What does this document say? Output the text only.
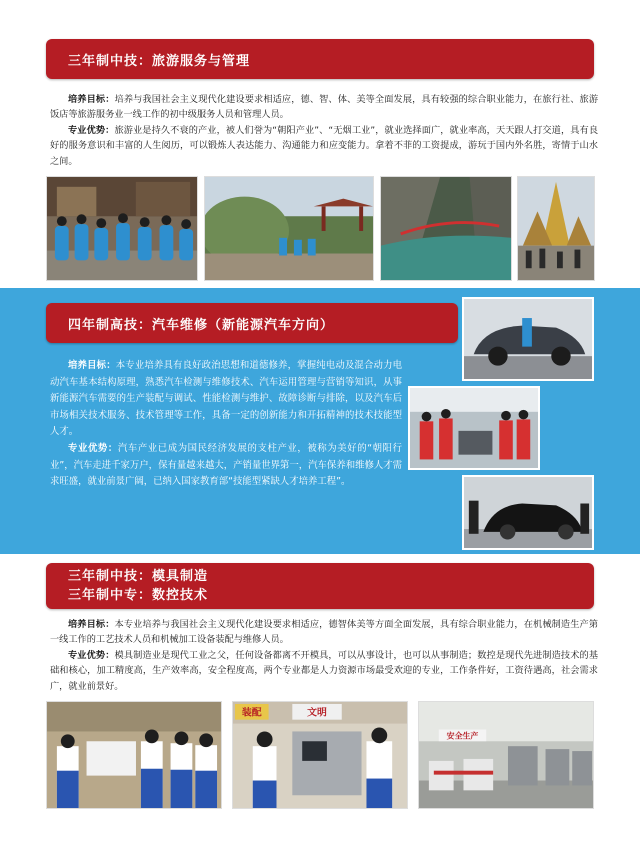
三年制中技：旅游服务与管理

培养目标：培养与我国社会主义现代化建设要求相适应，德、智、体、美等全面发展，具有较强的综合职业能力，在旅行社、旅游饭店等旅游服务业一线工作的初中级服务人员和管理人员。

专业优势：旅游业是持久不衰的产业，被人们誉为“朝阳产业”、“无烟工业”，就业选择面广，就业率高，天天跟人打交道，具有良好的服务意识和丰富的人生阅历，可以锻炼人表达能力、沟通能力和应变能力。拿着不菲的工资提成，游玩于国内外名胜，寄情于山水之间。

四年制高技：汽车维修（新能源汽车方向）

培养目标：本专业培养具有良好政治思想和道德修养，掌握纯电动及混合动力电动汽车基本结构原理，熟悉汽车检测与维修技术、汽车运用管理与营销等知识，从事新能源汽车需要的生产装配与调试、性能检测与维护、故障诊断与排除，以及汽车后市场相关技术服务、技术管理等工作，具备一定的创新能力和开拓精神的技术技能型人才。

专业优势：汽车产业已成为国民经济发展的支柱产业，被称为美好的“朝阳行业”，汽车走进千家万户，保有量越来越大，产销量世界第一，汽车保养和维修人才需求旺盛，就业前景广阔，已纳入国家教育部“技能型紧缺人才培养工程”。

三年制中技：模具制造
三年制中专：数控技术

培养目标：本专业培养与我国社会主义现代化建设要求相适应，德智体美等方面全面发展，具有综合职业能力，在机械制造生产第一线工作的工艺技术人员和机械加工设备装配与维修人员。

专业优势：模具制造业是现代工业之父，任何设备都离不开模具，可以从事设计，也可以从事制造；数控是现代先进制造技术的基础和核心，加工精度高，生产效率高，安全程度高，两个专业都是人力资源市场最受欢迎的专业，工作条件好，工资待遇高，社会需求广，就业前景好。

装配	文明
安全生产
